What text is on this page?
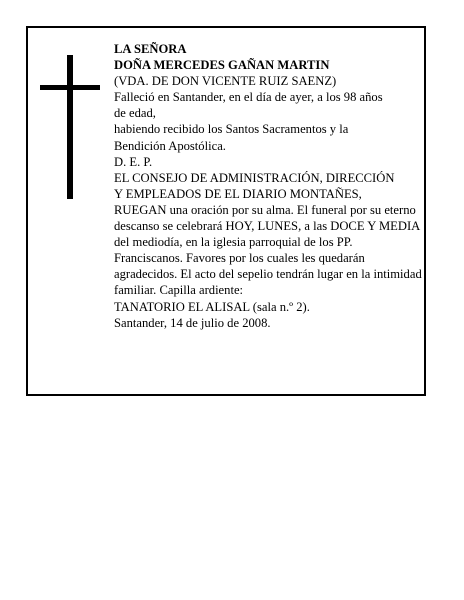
LA SEÑORA
DOÑA MERCEDES GAÑAN MARTIN
(VDA. DE DON VICENTE RUIZ SAENZ)
Falleció en Santander, en el día de ayer, a los 98 años
de edad,
habiendo recibido los Santos Sacramentos y la
Bendición Apostólica.
D. E. P.
EL CONSEJO DE ADMINISTRACIÓN, DIRECCIÓN
Y EMPLEADOS DE EL DIARIO MONTAÑES,
RUEGAN una oración por su alma. El funeral por su eterno descanso se celebrará HOY, LUNES, a las DOCE Y MEDIA del mediodía, en la iglesia parroquial de los PP. Franciscanos. Favores por los cuales les quedarán agradecidos. El acto del sepelio tendrán lugar en la intimidad familiar. Capilla ardiente:
TANATORIO EL ALISAL (sala n.º 2).
Santander, 14 de julio de 2008.
